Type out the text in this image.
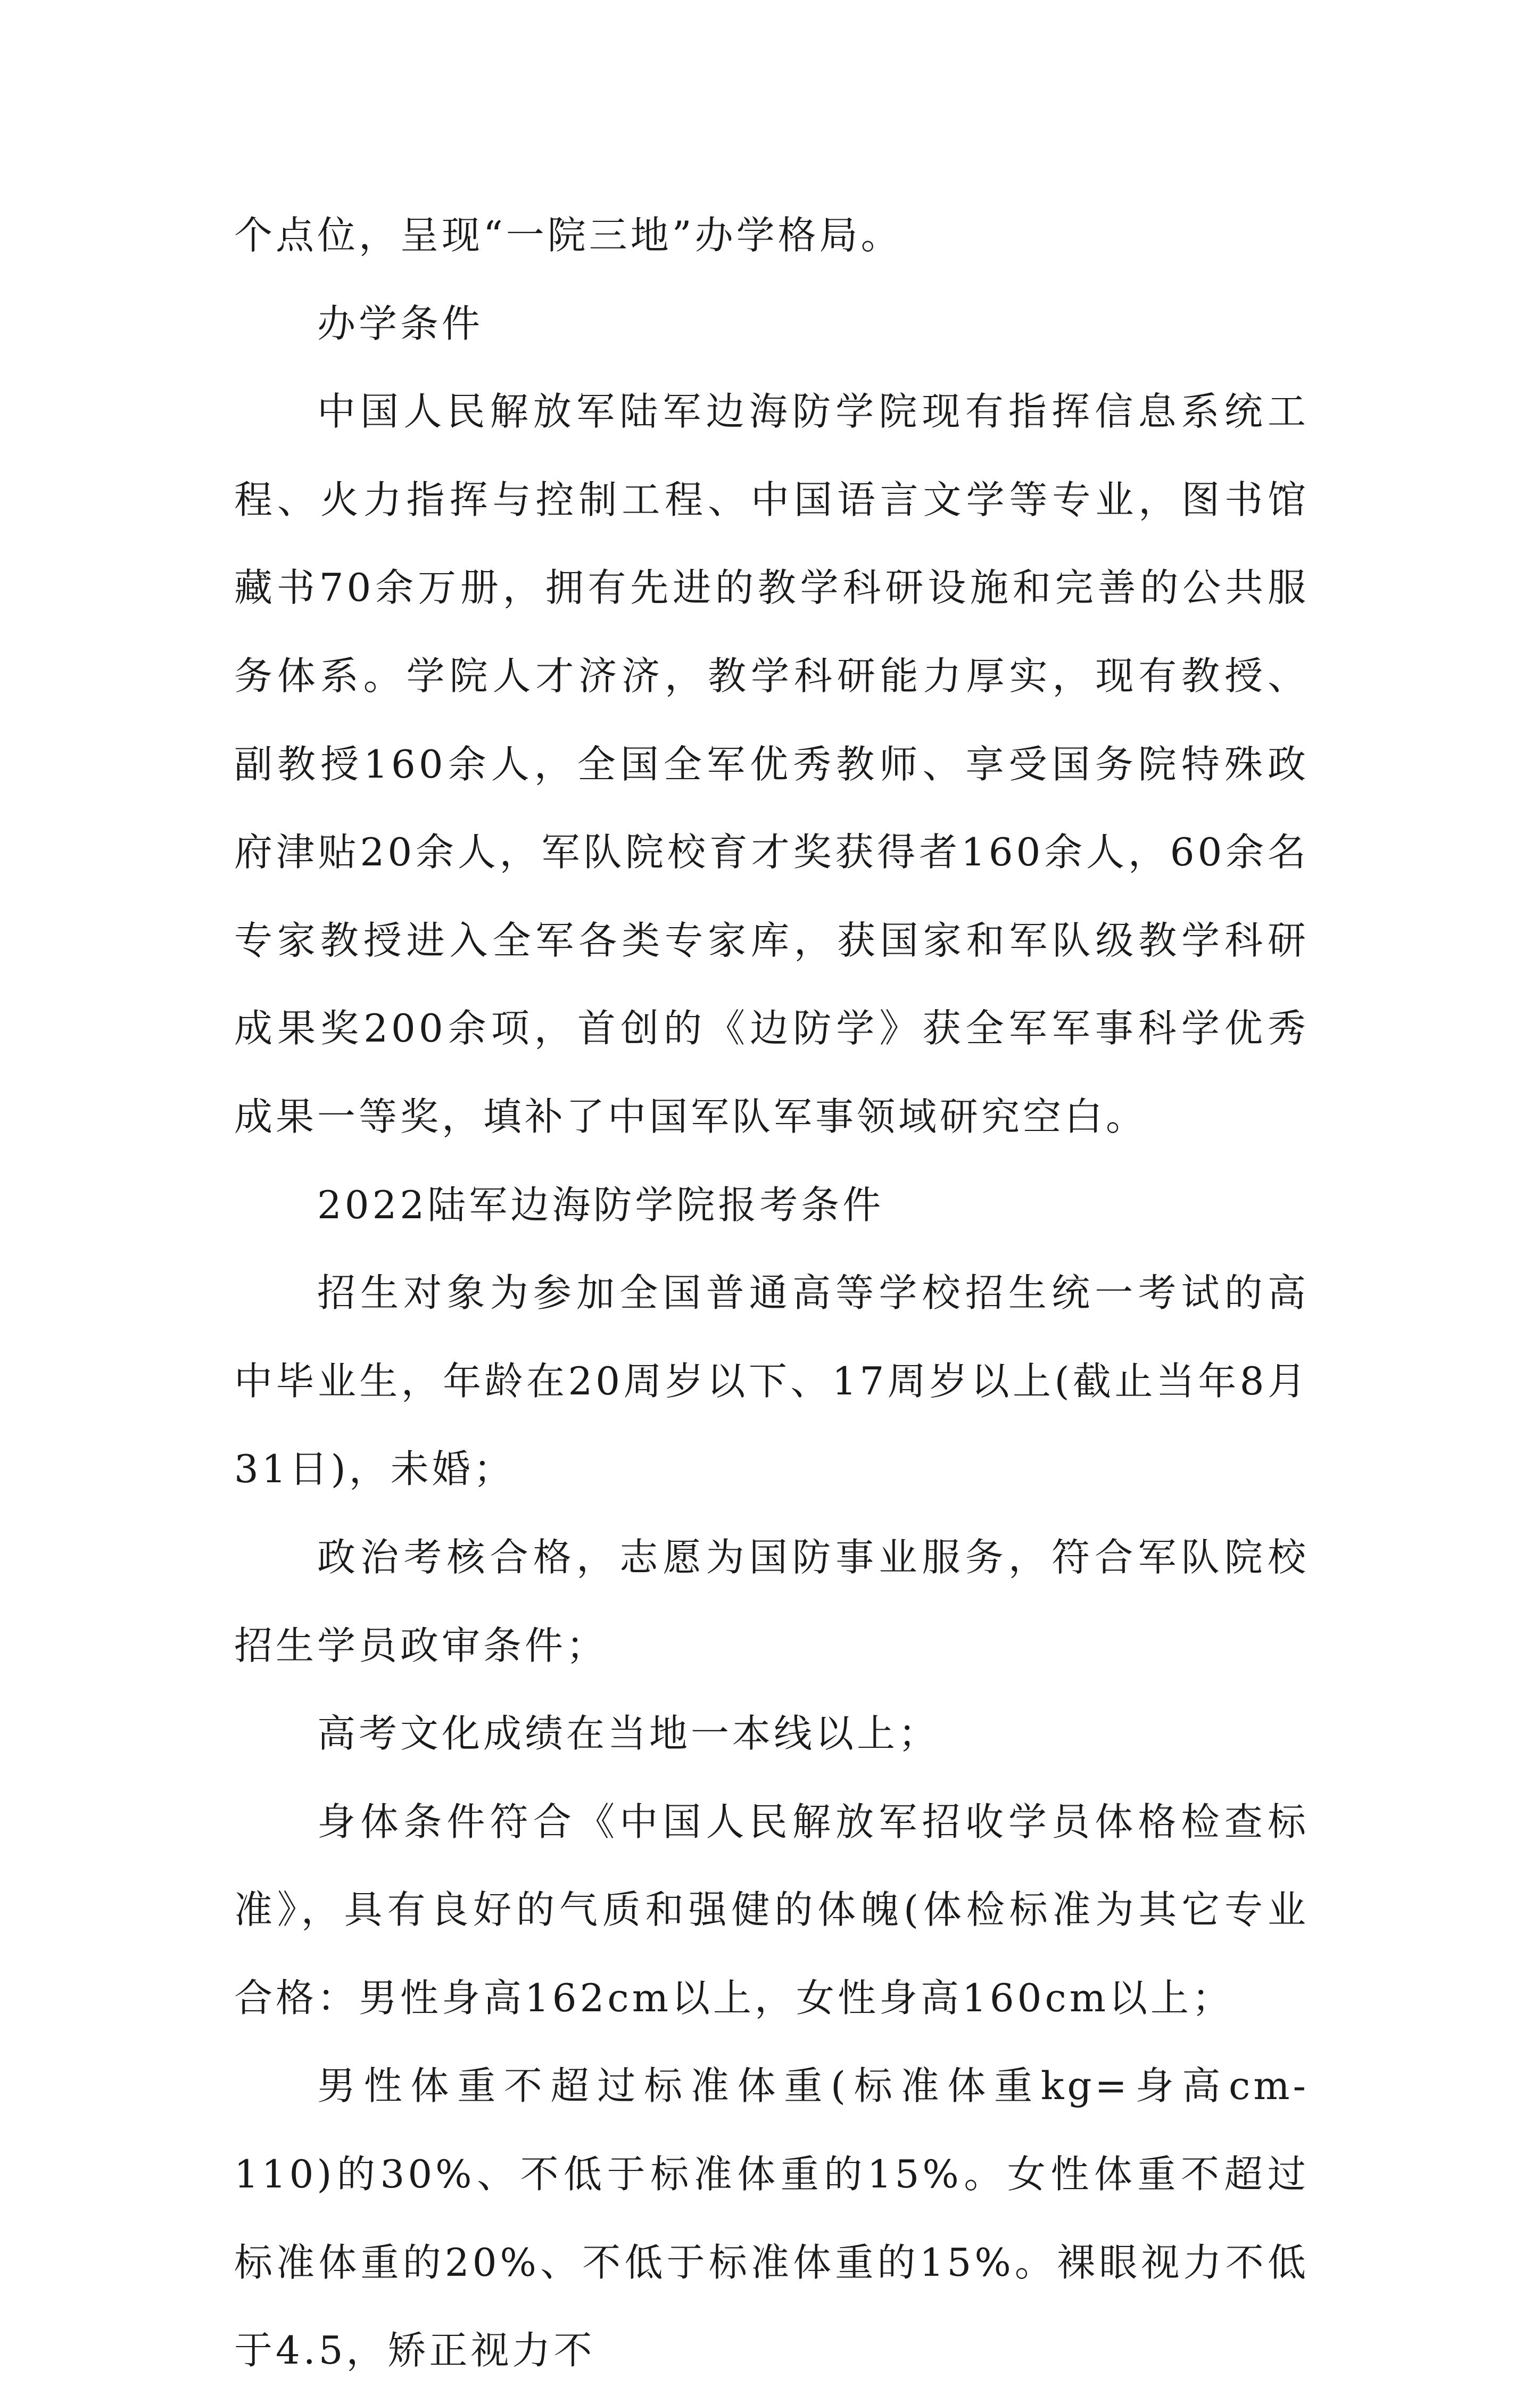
个点位，呈现“一院三地”办学格局。

办学条件

中国人民解放军陆军边海防学院现有指挥信息系统工程、火力指挥与控制工程、中国语言文学等专业，图书馆藏书70余万册，拥有先进的教学科研设施和完善的公共服务体系。学院人才济济，教学科研能力厚实，现有教授、副教授160余人，全国全军优秀教师、享受国务院特殊政府津贴20余人，军队院校育才奖获得者160余人，60余名专家教授进入全军各类专家库，获国家和军队级教学科研成果奖200余项，首创的《边防学》获全军军事科学优秀成果一等奖，填补了中国军队军事领域研究空白。

2022陆军边海防学院报考条件

招生对象为参加全国普通高等学校招生统一考试的高中毕业生，年龄在20周岁以下、17周岁以上(截止当年8月31日)，未婚；

政治考核合格，志愿为国防事业服务，符合军队院校招生学员政审条件；

高考文化成绩在当地一本线以上；

身体条件符合《中国人民解放军招收学员体格检查标准》，具有良好的气质和强健的体魄(体检标准为其它专业合格：男性身高162cm以上，女性身高160cm以上；

男性体重不超过标准体重(标准体重kg=身高cm-110)的30%、不低于标准体重的15%。女性体重不超过标准体重的20%、不低于标准体重的15%。裸眼视力不低于4.5，矫正视力不
